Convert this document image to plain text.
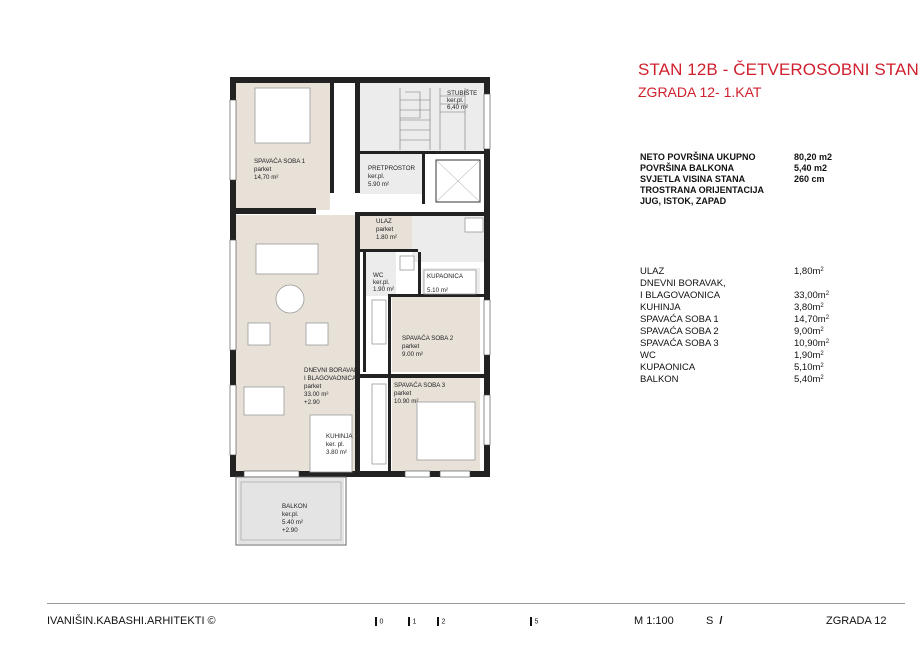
SPAVAĆA SOBA 1 parket 14,70 m²
STUBIŠTE ker.pl. 6,40 m²
PRETPROSTOR ker.pl. 5.90 m²
ULAZ parket 1.80 m²
WC ker.pl. 1.90 m²
KUPAONICA 5.10 m²
SPAVAĆA SOBA 2 parket 9.00 m²
DNEVNI BORAVAK, I BLAGOVAONICA parket 33.00 m² +2.90
SPAVAĆA SOBA 3 parket 10.90 m²
KUHINJA ker. pl. 3.80 m²
BALKON ker.pl. 5.40 m² +2.90
STAN 12B - ČETVEROSOBNI STAN
ZGRADA 12- 1.KAT
NETO POVRŠINA UKUPNO	80,20 m2
POVRŠINA BALKONA	5,40 m2
SVJETLA VISINA STANA	260 cm
TROSTRANA ORIJENTACIJA
JUG, ISTOK, ZAPAD
ULAZ	$1,80m^2$
DNEVNI BORAVAK,
I BLAGOVAONICA	$33,00m^2$
KUHINJA	$3,80m^2$
SPAVAĆA SOBA 1	$14,70m^2$
SPAVAĆA SOBA 2	$9,00m^2$
SPAVAĆA SOBA 3	$10,90m^2$
WC	$1,90m^2$
KUPAONICA	$5,10m^2$
BALKON	$5,40m^2$
IVANIŠIN.KABASHI.ARHITEKTI ©	0	1	2	5	M 1:100	S /	ZGRADA 12
